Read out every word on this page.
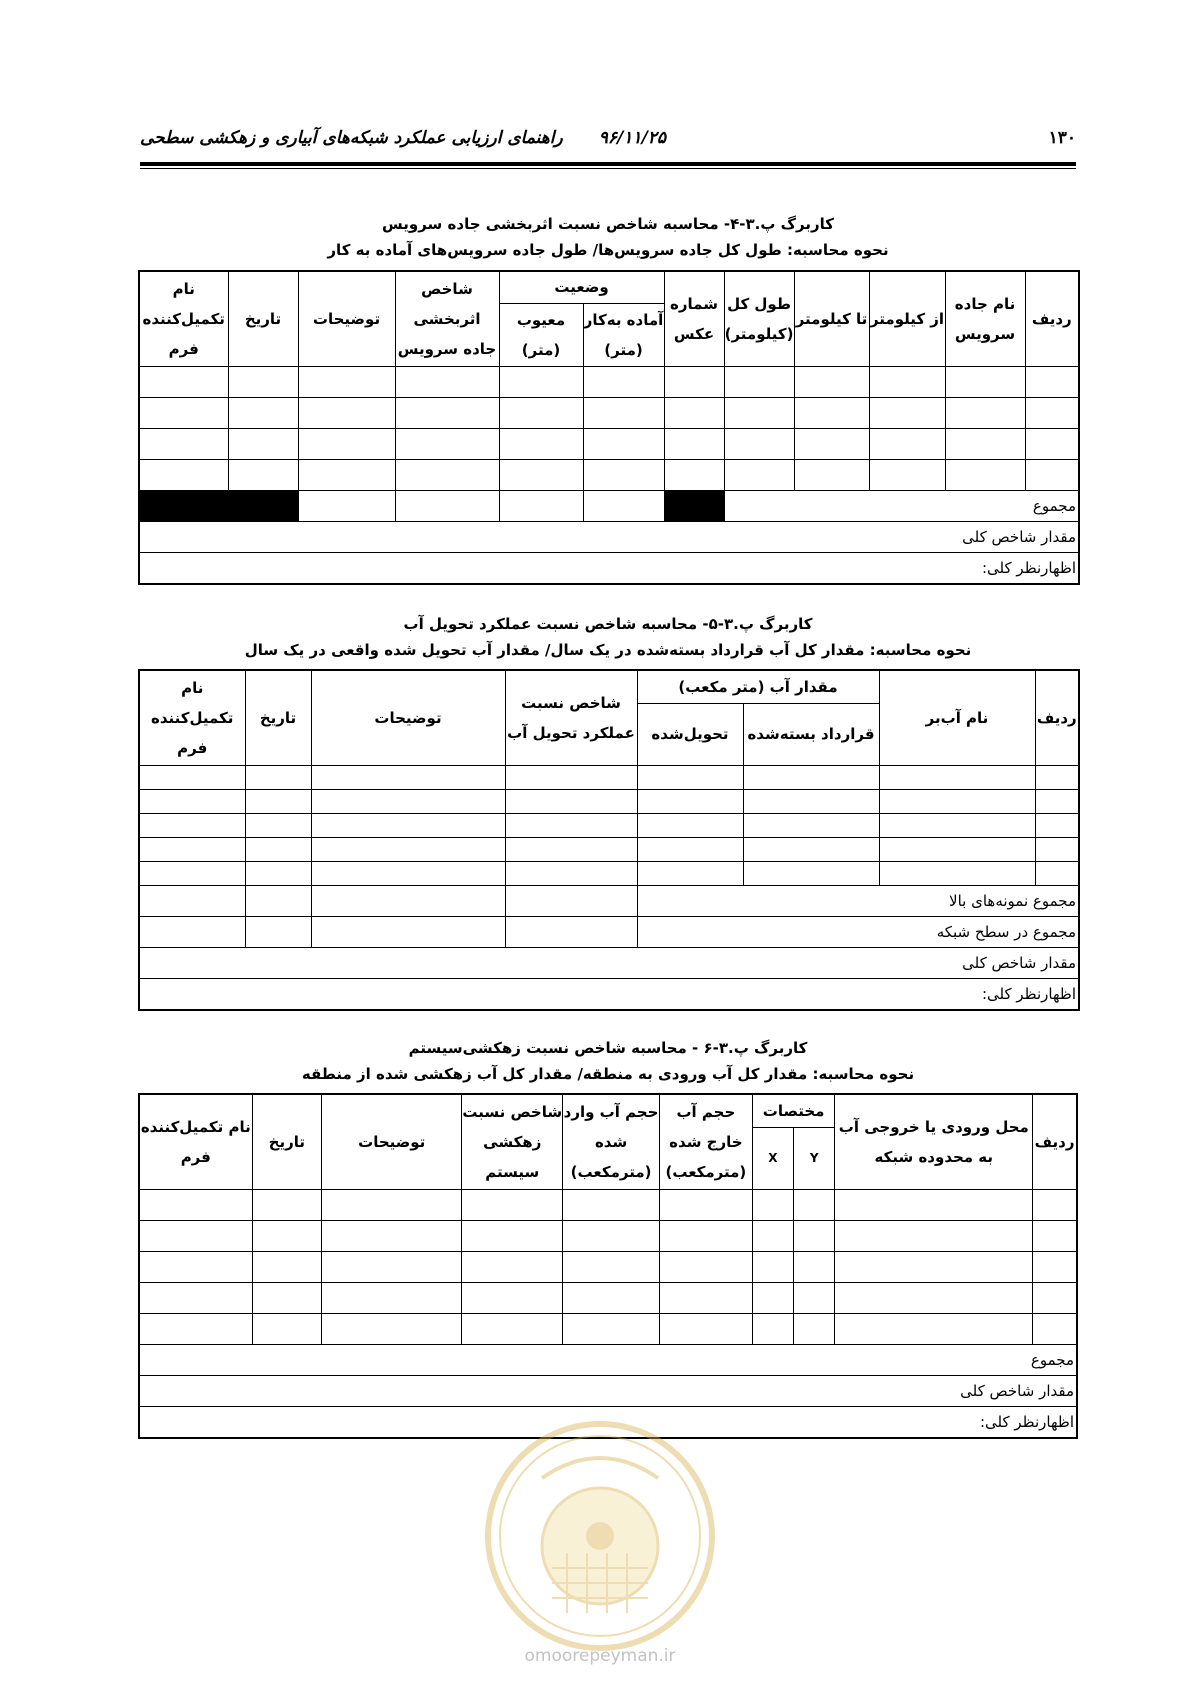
۱۳۰
۹۶/۱۱/۲۵
راهنمای ارزیابی عملکرد شبکه‌های آبیاری و زهکشی سطحی
کاربرگ پ.۳-۴- محاسبه شاخص نسبت اثربخشی جاده سرویس
نحوه محاسبه: طول کل جاده سرویس‌ها/ طول جاده سرویس‌های آماده به کار
ردیف	نام جاده سرویس	از کیلومتر	تا کیلومتر	طول کل (کیلومتر)	شماره عکس	وضعیت		شاخص اثربخشی جاده سرویس	توضیحات	تاریخ	نام تکمیل‌کننده فرم
						آماده به‌کار (متر)	معیوب (متر)				

مجموع											
مقدار شاخص کلی											
اظهارنظر کلی:											
کاربرگ پ.۳-۵- محاسبه شاخص نسبت عملکرد تحویل آب
نحوه محاسبه: مقدار کل آب قرارداد بسته‌شده در یک سال/ مقدار آب تحویل شده واقعی در یک سال
ردیف	نام آب‌بر	مقدار آب (متر مکعب)		شاخص نسبت عملکرد تحویل آب	توضیحات	تاریخ	نام تکمیل‌کننده فرم
		قرارداد بسته‌شده	تحویل‌شده				

مجموع نمونه‌های بالا							
مجموع در سطح شبکه							
مقدار شاخص کلی							
اظهارنظر کلی:							
کاربرگ پ.۳-۶ - محاسبه شاخص نسبت زهکشی‌سیستم
نحوه محاسبه: مقدار کل آب ورودی به منطقه/ مقدار کل آب زهکشی شده از منطقه
ردیف	محل ورودی یا خروجی آب به محدوده شبکه	مختصات		حجم آب خارج شده (مترمکعب)	حجم آب وارد شده (مترمکعب)	شاخص نسبت زهکشی سیستم	توضیحات	تاریخ	نام تکمیل‌کننده فرم
		Y	X						

مجموع									
مقدار شاخص کلی									
اظهارنظر کلی:									
omoorepeyman.ir
